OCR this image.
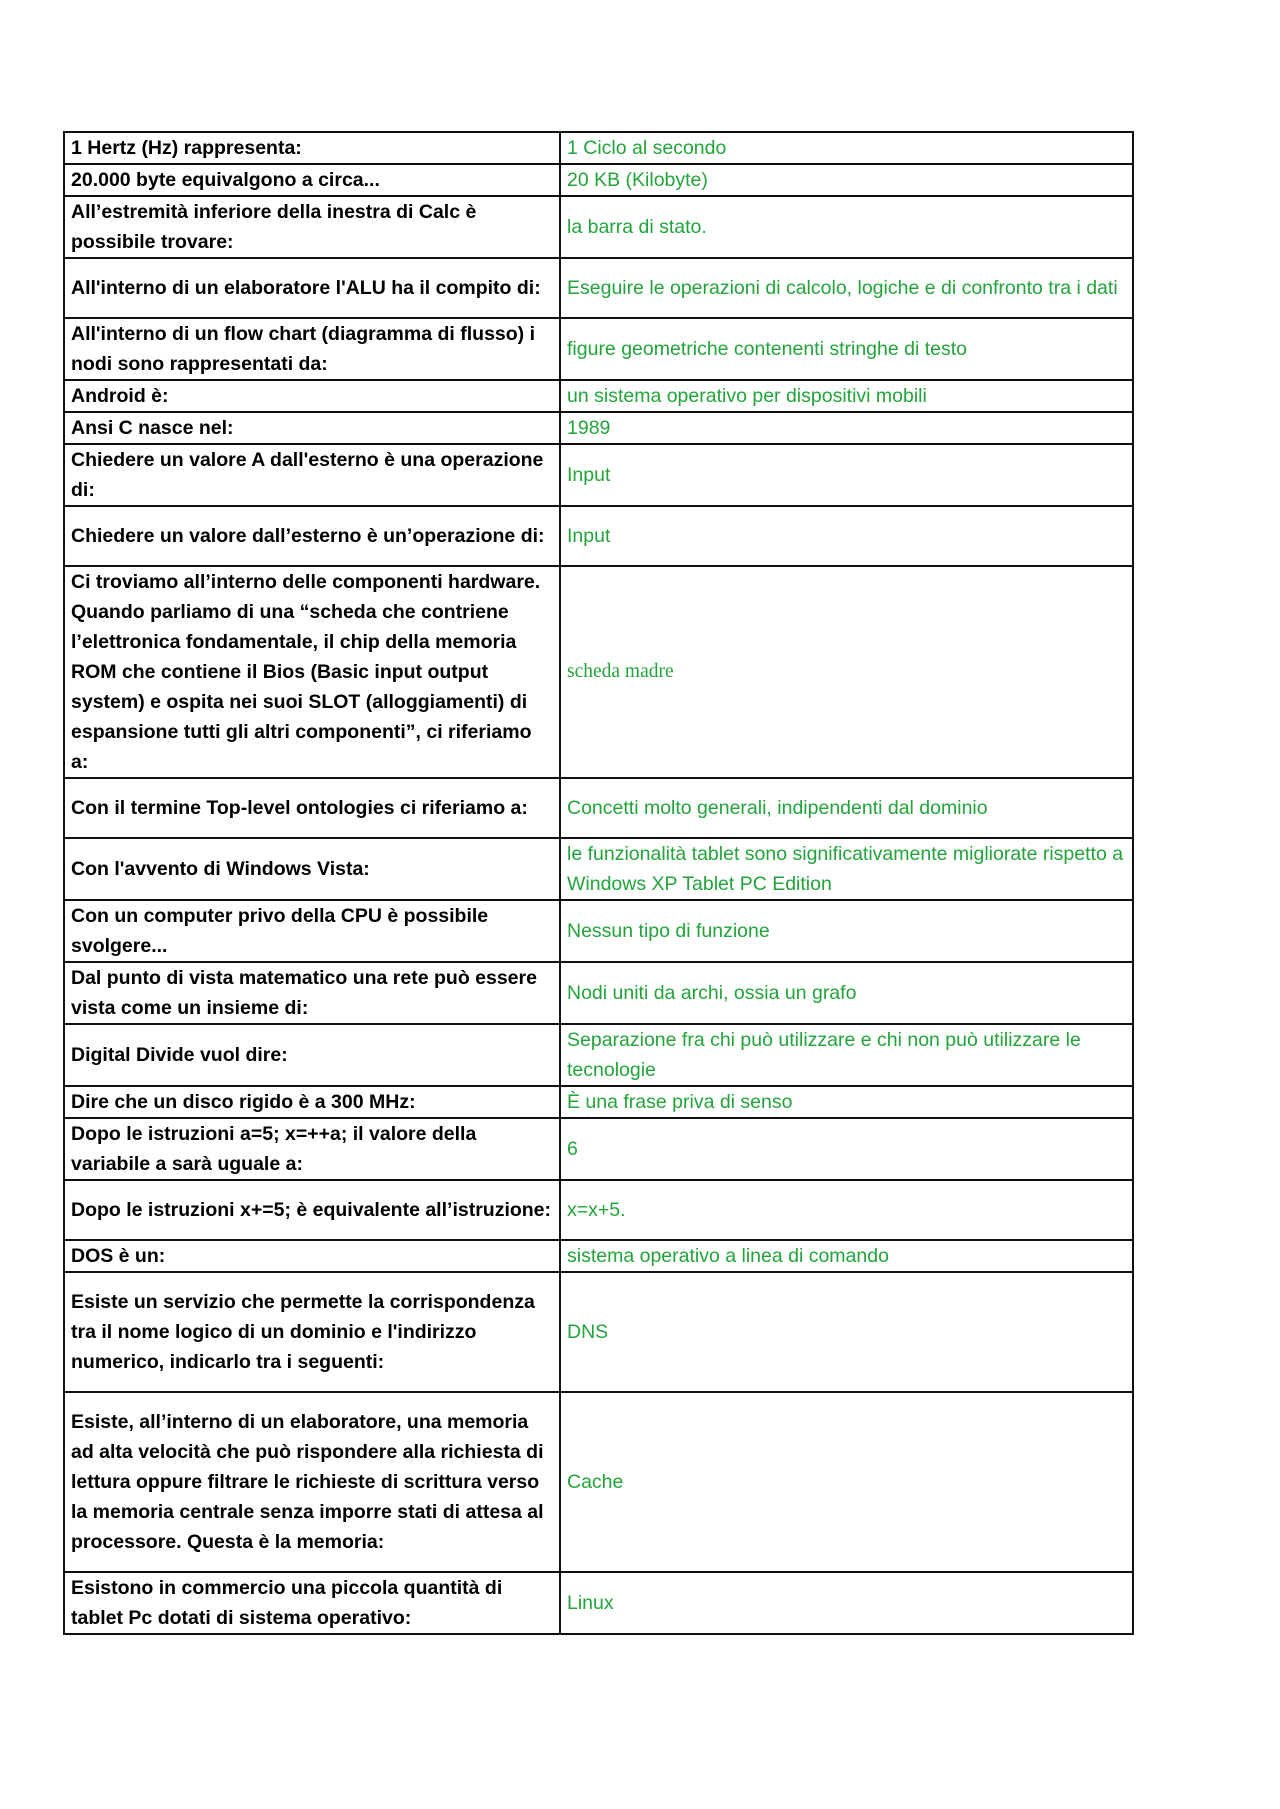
1 Hertz (Hz) rappresenta:	1 Ciclo al secondo
20.000 byte equivalgono a circa...	20 KB (Kilobyte)
All’estremità inferiore della inestra di Calc è possibile trovare:	la barra di stato.
All'interno di un elaboratore l'ALU ha il compito di:	Eseguire le operazioni di calcolo, logiche e di confronto tra i dati
All'interno di un flow chart (diagramma di flusso) i nodi sono rappresentati da:	figure geometriche contenenti stringhe di testo
Android è:	un sistema operativo per dispositivi mobili
Ansi C nasce nel:	1989
Chiedere un valore A dall'esterno è una operazione di:	Input
Chiedere un valore dall’esterno è un’operazione di:	Input
Ci troviamo all’interno delle componenti hardware. Quando parliamo di una “scheda che contriene l’elettronica fondamentale, il chip della memoria ROM che contiene il Bios (Basic input output system) e ospita nei suoi SLOT (alloggiamenti) di espansione tutti gli altri componenti”, ci riferiamo a:	scheda madre
Con il termine Top-level ontologies ci riferiamo a:	Concetti molto generali, indipendenti dal dominio
Con l'avvento di Windows Vista:	le funzionalità tablet sono significativamente migliorate rispetto a Windows XP Tablet PC Edition
Con un computer privo della CPU è possibile svolgere...	Nessun tipo di funzione
Dal punto di vista matematico una rete può essere vista come un insieme di:	Nodi uniti da archi, ossia un grafo
Digital Divide vuol dire:	Separazione fra chi può utilizzare e chi non può utilizzare le tecnologie
Dire che un disco rigido è a 300 MHz:	È una frase priva di senso
Dopo le istruzioni a=5; x=++a; il valore della variabile a sarà uguale a:	6
Dopo le istruzioni x+=5; è equivalente all’istruzione:	x=x+5.
DOS è un:	sistema operativo a linea di comando
Esiste un servizio che permette la corrispondenza tra il nome logico di un dominio e l'indirizzo numerico, indicarlo tra i seguenti:	DNS
Esiste, all’interno di un elaboratore, una memoria ad alta velocità che può rispondere alla richiesta di lettura oppure filtrare le richieste di scrittura verso la memoria centrale senza imporre stati di attesa al processore. Questa è la memoria:	Cache
Esistono in commercio una piccola quantità di tablet Pc dotati di sistema operativo:	Linux
